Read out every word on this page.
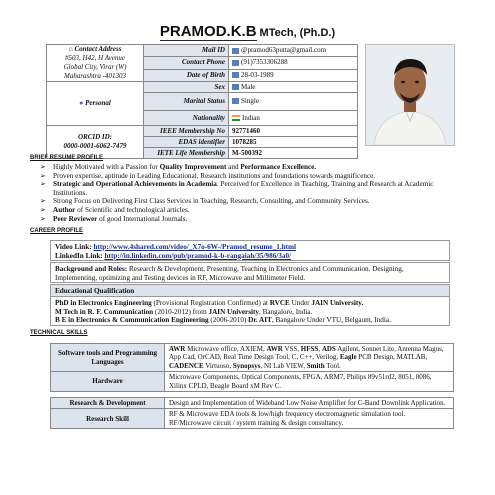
PRAMOD.K.B MTech, (Ph.D.)
⌂ Contact Address
#503, H42, H Avenue
Global City, Virar (W)
Maharashtra -401303	Mail ID	@pramod63putta@gmail.com
	Contact Phone	(91)7353306288
	Date of Birth	28-03-1989
● Personal	Sex	Male
	Marital Status	Single
	Nationality	Indian

ORCID ID:
0000-0001-6062-7479	IEEE Membership No	92771460
	EDAS identifier	1078285
	IETE Life Membership	M-500392
BRIEF RESUME PROFILE
➢ Highly Motivated with a Passion for Quality Improvement and Performance Excellence.
➢ Proven expertise, aptitude in Leading Educational, Research institutions and foundations towards magnificence.
➢ Strategic and Operational Achievements in Academia. Perceived for Excellence in Teaching, Training and Research at Academic Institutions.
➢ Strong Focus on Delivering First Class Services in Teaching, Research, Consulting, and Community Services.
➢ Author of Scientific and technological articles.
➢ Peer Reviewer of good International Journals.
CAREER PROFILE
Video Link: http://www.4shared.com/video/_X7o-6W-/Pramod_resume_1.html
LinkedIn Link: http://in.linkedin.com/pub/pramod-k-b-rangaiah/35/986/3a0/
Background and Roles: Research & Development, Presenting, Teaching in Electronics and Communication. Designing, Implementing, optimizing and Testing devices in RF, Microwave and Millimeter Field.
Educational Qualification
PhD in Electronics Engineering (Provisional Registration Confirmed) at RVCE Under JAIN University.
M Tech in R. F. Communication (2010-2012) from JAIN University, Bangalore, India.
B E in Electronics & Communication Engineering (2006-2010) Dr. AIT, Bangalore Under VTU, Belgaum, India.
TECHNICAL SKILLS
Software tools and Programming Languages	AWR Microwave office, AXIEM, AWR VSS, HFSS, ADS Agilent, Sonnet Lite, Antenna Magus, App Cad, OrCAD, Real Time Design Tool, C, C++, Verilog, Eagle PCB Design, MATLAB, CADENCE Virtuoso, Synopsys, NI Lab VIEW, Smith Tool.
Hardware	Microwave Components, Optical Components, FPGA, ARM7, Philips 89v51rd2, 8051, 8086, Xilinx CPLD, Beagle Board xM Rev C.
Research & Development	Design and Implementation of Wideband Low Noise Amplifier for C-Band Downlink Application.
Research Skill	RF & Microwave EDA tools & low/high frequency electromagnetic simulation tool. RF/Microwave circuit / system training & design consultancy.
